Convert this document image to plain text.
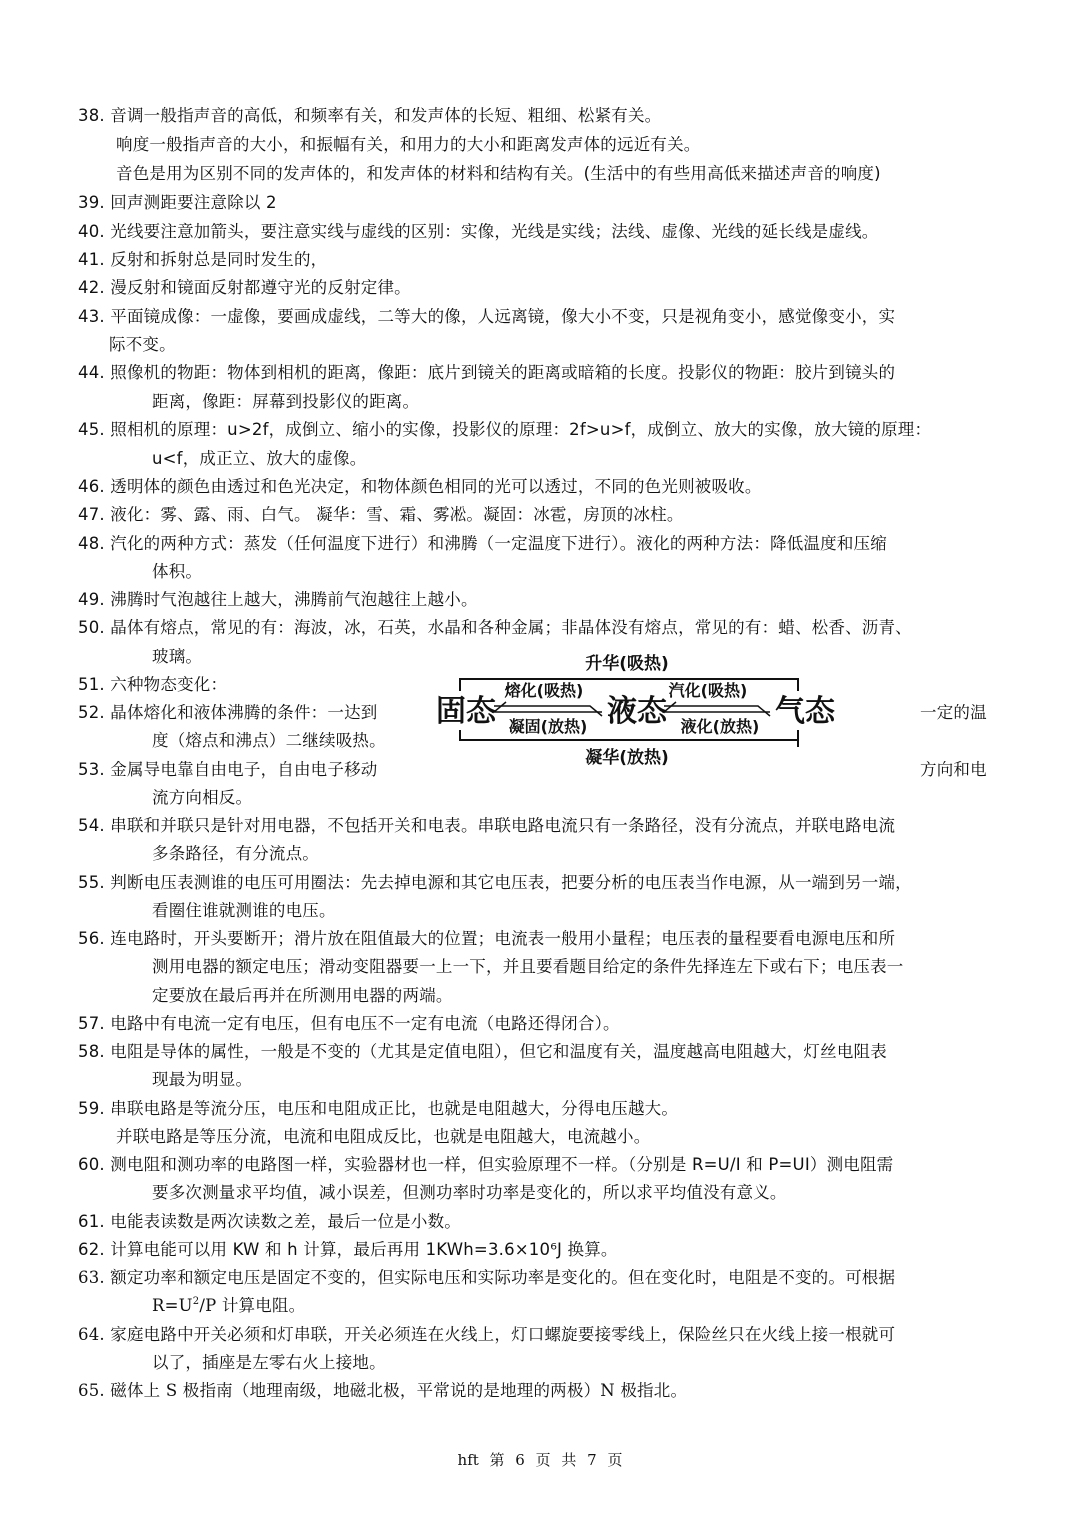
38. 音调一般指声音的高低，和频率有关，和发声体的长短、粗细、松紧有关。
响度一般指声音的大小，和振幅有关，和用力的大小和距离发声体的远近有关。
音色是用为区别不同的发声体的，和发声体的材料和结构有关。(生活中的有些用高低来描述声音的响度)
39. 回声测距要注意除以 2
40. 光线要注意加箭头，要注意实线与虚线的区别：实像，光线是实线；法线、虚像、光线的延长线是虚线。
41. 反射和拆射总是同时发生的，
42. 漫反射和镜面反射都遵守光的反射定律。
43. 平面镜成像：一虚像，要画成虚线，二等大的像，人远离镜，像大小不变，只是视角变小，感觉像变小，实
际不变。
44. 照像机的物距：物体到相机的距离，像距：底片到镜关的距离或暗箱的长度。投影仪的物距：胶片到镜头的
距离，像距：屏幕到投影仪的距离。
45. 照相机的原理：u>2f，成倒立、缩小的实像，投影仪的原理：2f>u>f，成倒立、放大的实像，放大镜的原理：
u<f，成正立、放大的虚像。
46. 透明体的颜色由透过和色光决定，和物体颜色相同的光可以透过，不同的色光则被吸收。
47. 液化：雾、露、雨、白气。 凝华：雪、霜、雾凇。凝固：冰雹，房顶的冰柱。
48. 汽化的两种方式：蒸发（任何温度下进行）和沸腾（一定温度下进行）。液化的两种方法：降低温度和压缩
体积。
49. 沸腾时气泡越往上越大，沸腾前气泡越往上越小。
50. 晶体有熔点，常见的有：海波，冰，石英，水晶和各种金属；非晶体没有熔点，常见的有：蜡、松香、沥青、
玻璃。
51. 六种物态变化：
52. 晶体熔化和液体沸腾的条件：一达到	一定的温
度（熔点和沸点）二继续吸热。
53. 金属导电靠自由电子，自由电子移动	方向和电
流方向相反。
54. 串联和并联只是针对用电器，不包括开关和电表。串联电路电流只有一条路径，没有分流点，并联电路电流
多条路径，有分流点。
55. 判断电压表测谁的电压可用圈法：先去掉电源和其它电压表，把要分析的电压表当作电源，从一端到另一端，
看圈住谁就测谁的电压。
56. 连电路时，开头要断开；滑片放在阻值最大的位置；电流表一般用小量程；电压表的量程要看电源电压和所
测用电器的额定电压；滑动变阻器要一上一下，并且要看题目给定的条件先择连左下或右下；电压表一
定要放在最后再并在所测用电器的两端。
57. 电路中有电流一定有电压，但有电压不一定有电流（电路还得闭合）。
58. 电阻是导体的属性，一般是不变的（尤其是定值电阻），但它和温度有关，温度越高电阻越大，灯丝电阻表
现最为明显。
59. 串联电路是等流分压，电压和电阻成正比，也就是电阻越大，分得电压越大。
并联电路是等压分流，电流和电阻成反比，也就是电阻越大，电流越小。
60. 测电阻和测功率的电路图一样，实验器材也一样，但实验原理不一样。（分别是 R=U/I 和 P=UI）测电阻需
要多次测量求平均值，减小误差，但测功率时功率是变化的，所以求平均值没有意义。
61. 电能表读数是两次读数之差，最后一位是小数。
62. 计算电能可以用 KW 和 h 计算，最后再用 1KWh=3.6×10⁶J 换算。
63. 额定功率和额定电压是固定不变的，但实际电压和实际功率是变化的。但在变化时，电阻是不变的。可根据
$R=U^2/P$ 计算电阻。
64. 家庭电路中开关必须和灯串联，开关必须连在火线上，灯口螺旋要接零线上，保险丝只在火线上接一根就可
以了，插座是左零右火上接地。
65. 磁体上 S 极指南（地理南级，地磁北极，平常说的是地理的两极）N 极指北。
升华(吸热)
凝华(放热)
固态	液态	气态
熔化(吸热)
凝固(放热)
汽化(吸热)
液化(放热)
hft 第 6 页 共 7 页
